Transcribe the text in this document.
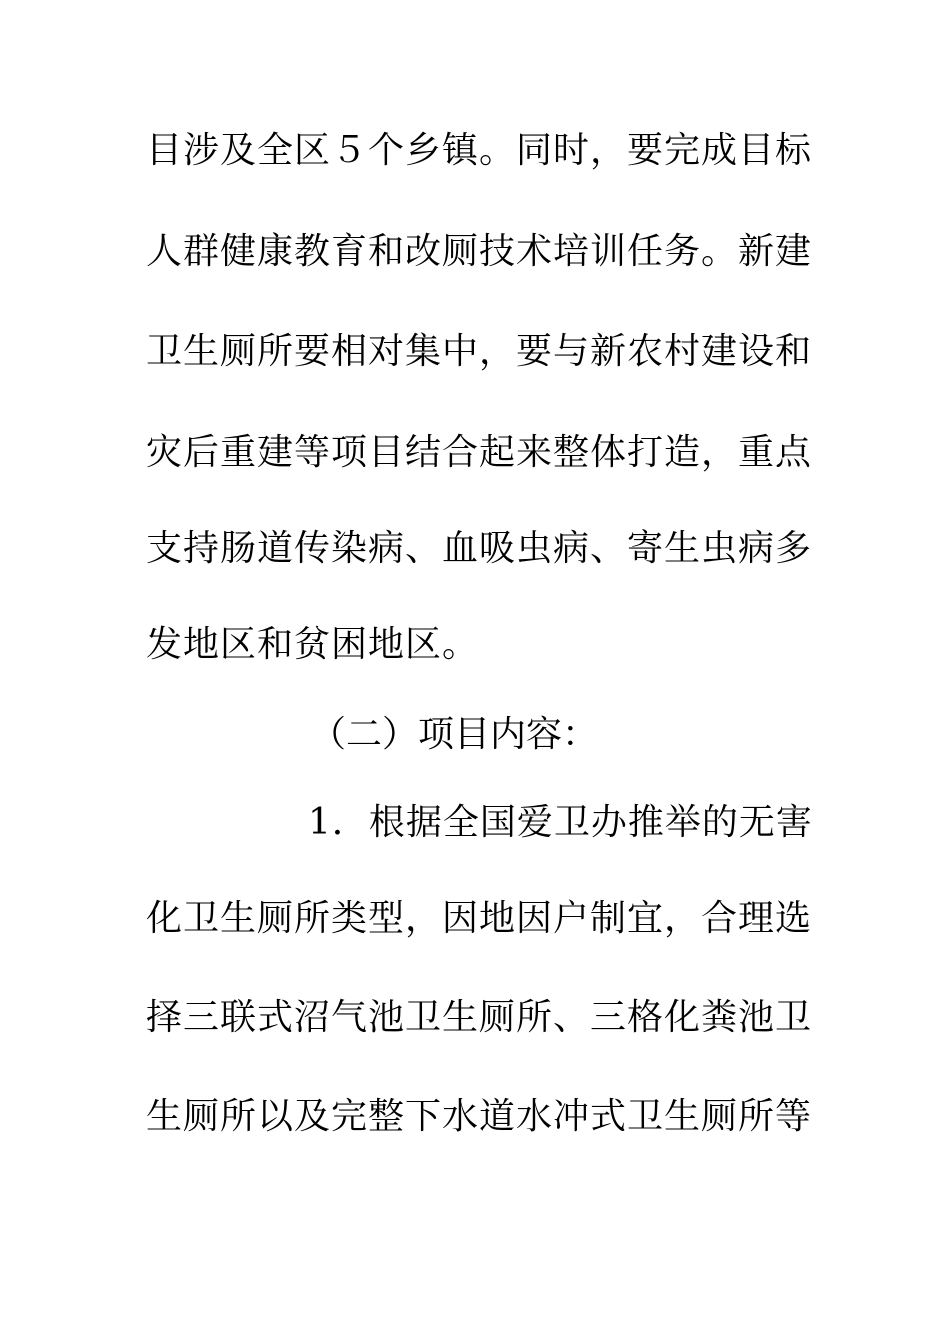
目涉及全区５个乡镇。同时，要完成目标
人群健康教育和改厕技术培训任务。新建
卫生厕所要相对集中，要与新农村建设和
灾后重建等项目结合起来整体打造，重点
支持肠道传染病、血吸虫病、寄生虫病多
发地区和贫困地区。
（二）项目内容：
1．根据全国爱卫办推举的无害
化卫生厕所类型，因地因户制宜，合理选
择三联式沼气池卫生厕所、三格化粪池卫
生厕所以及完整下水道水冲式卫生厕所等
